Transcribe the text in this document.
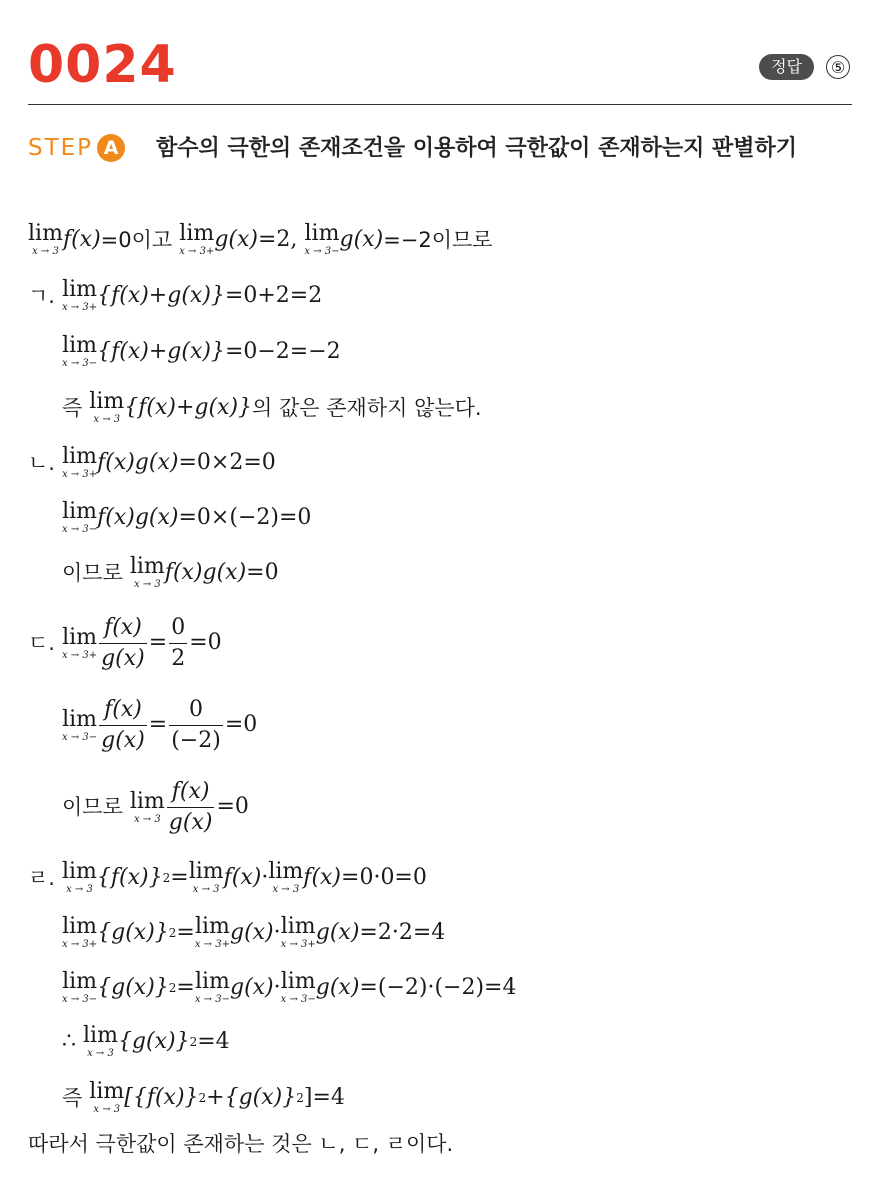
0024	정답	⑤
STEP A	함수의 극한의 존재조건을 이용하여 극한값이 존재하는지 판별하기
lim
x → 3 f(x) =0이고
lim
x → 3+ g(x) =2,
lim
x → 3− g(x) =−2이므로
ㄱ.
lim
x → 3+ {f(x)+g(x)} =0+2=2
lim
x → 3− {f(x)+g(x)} =0−2=−2
즉
lim
x → 3 {f(x)+g(x)} 의 값은 존재하지 않는다.
ㄴ.
lim
x → 3+ f(x)g(x) =0×2=0
lim
x → 3− f(x)g(x) =0×(−2)=0
이므로
lim
x → 3 f(x)g(x) =0
ㄷ.
lim
$x \to 3+ \frac{f(x)}{g(x)} = \frac{0}{2} =0$
lim
$x \to 3- \frac{f(x)}{g(x)} = \frac{0}{(-2)} =0$
이므로
lim
$x \to 3 \frac{f(x)}{g(x)} =0$
ㄹ.
lim
x → 3 {f(x)} 2 = lim
x → 3 f(x) · lim
x → 3 f(x) =0·0=0
lim
x → 3+ {g(x)} 2 = lim
x → 3+ g(x) · lim
x → 3+ g(x) =2·2=4
lim
x → 3− {g(x)} 2 = lim
x → 3− g(x) · lim
x → 3− g(x) =(−2)·(−2)=4
∴
lim
x → 3 {g(x)} 2 =4
즉
lim
x → 3 [{f(x)} 2 +{g(x)} 2 ]=4
따라서 극한값이 존재하는 것은 ㄴ, ㄷ, ㄹ이다.
